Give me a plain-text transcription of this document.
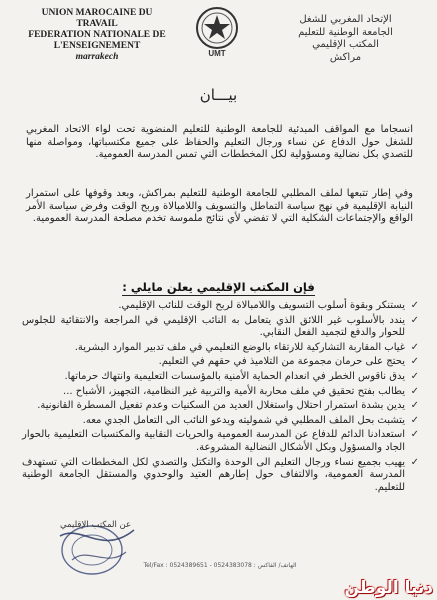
UNION MAROCAINE DU TRAVAIL
FEDERATION NATIONALE DE
L'ENSEIGNEMENT
marrakech	UMT
الإتحاد المغربي للشغل
الجامعة الوطنية للتعليم
المكتب الإقليمي
مراكش
بيـــان
انسجاما مع المواقف المبدئية للجامعة الوطنية للتعليم المنضوية تحت لواء الاتحاد المغربي للشغل حول الدفاع عن نساء ورجال التعليم والحفاظ على جميع مكتسباتها، ومواصلة منها للتصدي بكل نضالية ومسؤولية لكل المخططات التي تمس المدرسة العمومية.
وفي إطار تتبعها لملف المطلبي للجامعة الوطنية للتعليم بمراكش، وبعد وقوفها على استمرار النيابة الإقليمية في نهج سياسة التماطل والتسويف واللامبالاة وربح الوقت وفرض سياسة الأمر الواقع والإجتماعات الشكلية التي لا تفضي لأي نتائج ملموسة تخدم مصلحة المدرسة العمومية.
فإن المكتب الإقليمي يعلن مايلي :
✓
يستنكر وبقوة أسلوب التسويف واللامبالاة لربح الوقت للنائب الإقليمي.
✓
يندد بالأسلوب غير اللائق الذي يتعامل به النائب الإقليمي في المراجعة والانتقائية للجلوس للحوار والدفع لتجميد الفعل النقابي.
✓
غياب المقاربة التشاركية للارتقاء بالوضع التعليمي في ملف تدبير الموارد البشرية.
✓
يحتج على حرمان مجموعة من التلاميذ في حقهم في التعليم.
✓
يدق ناقوس الخطر في انعدام الحماية الأمنية بالمؤسسات التعليمية وانتهاك حرماتها.
✓
يطالب بفتح تحقيق في ملف محاربة الأمية والتربية غير النظامية، التجهيز، الأشباح ...
✓
يدين بشدة استمرار احتلال واستغلال العديد من السكنيات وعدم تفعيل المسطرة القانونية.
✓
يتشبث بحل الملف المطلبي في شموليته ويدعو النائب الى التعامل الجدي معه.
✓
استعدادنا الدائم للدفاع عن المدرسة العمومية والحريات النقابية والمكتسبات التعليمية بالحوار الجاد والمسؤول وبكل الأشكال النضالية المشروعة.
✓
يهيب بجميع نساء ورجال التعليم الى الوحدة والتكتل والتصدي لكل المخططات التي تستهدف المدرسة العمومية، والالتفاف حول إطارهم العتيد والوحدوي والمستقل الجامعة الوطنية للتعليم.
عن المكتب الإقليمي
Tel/Fax : 0524389651 - 0524383078 : الهاتف/ الفاكس
دنيا الوطن
